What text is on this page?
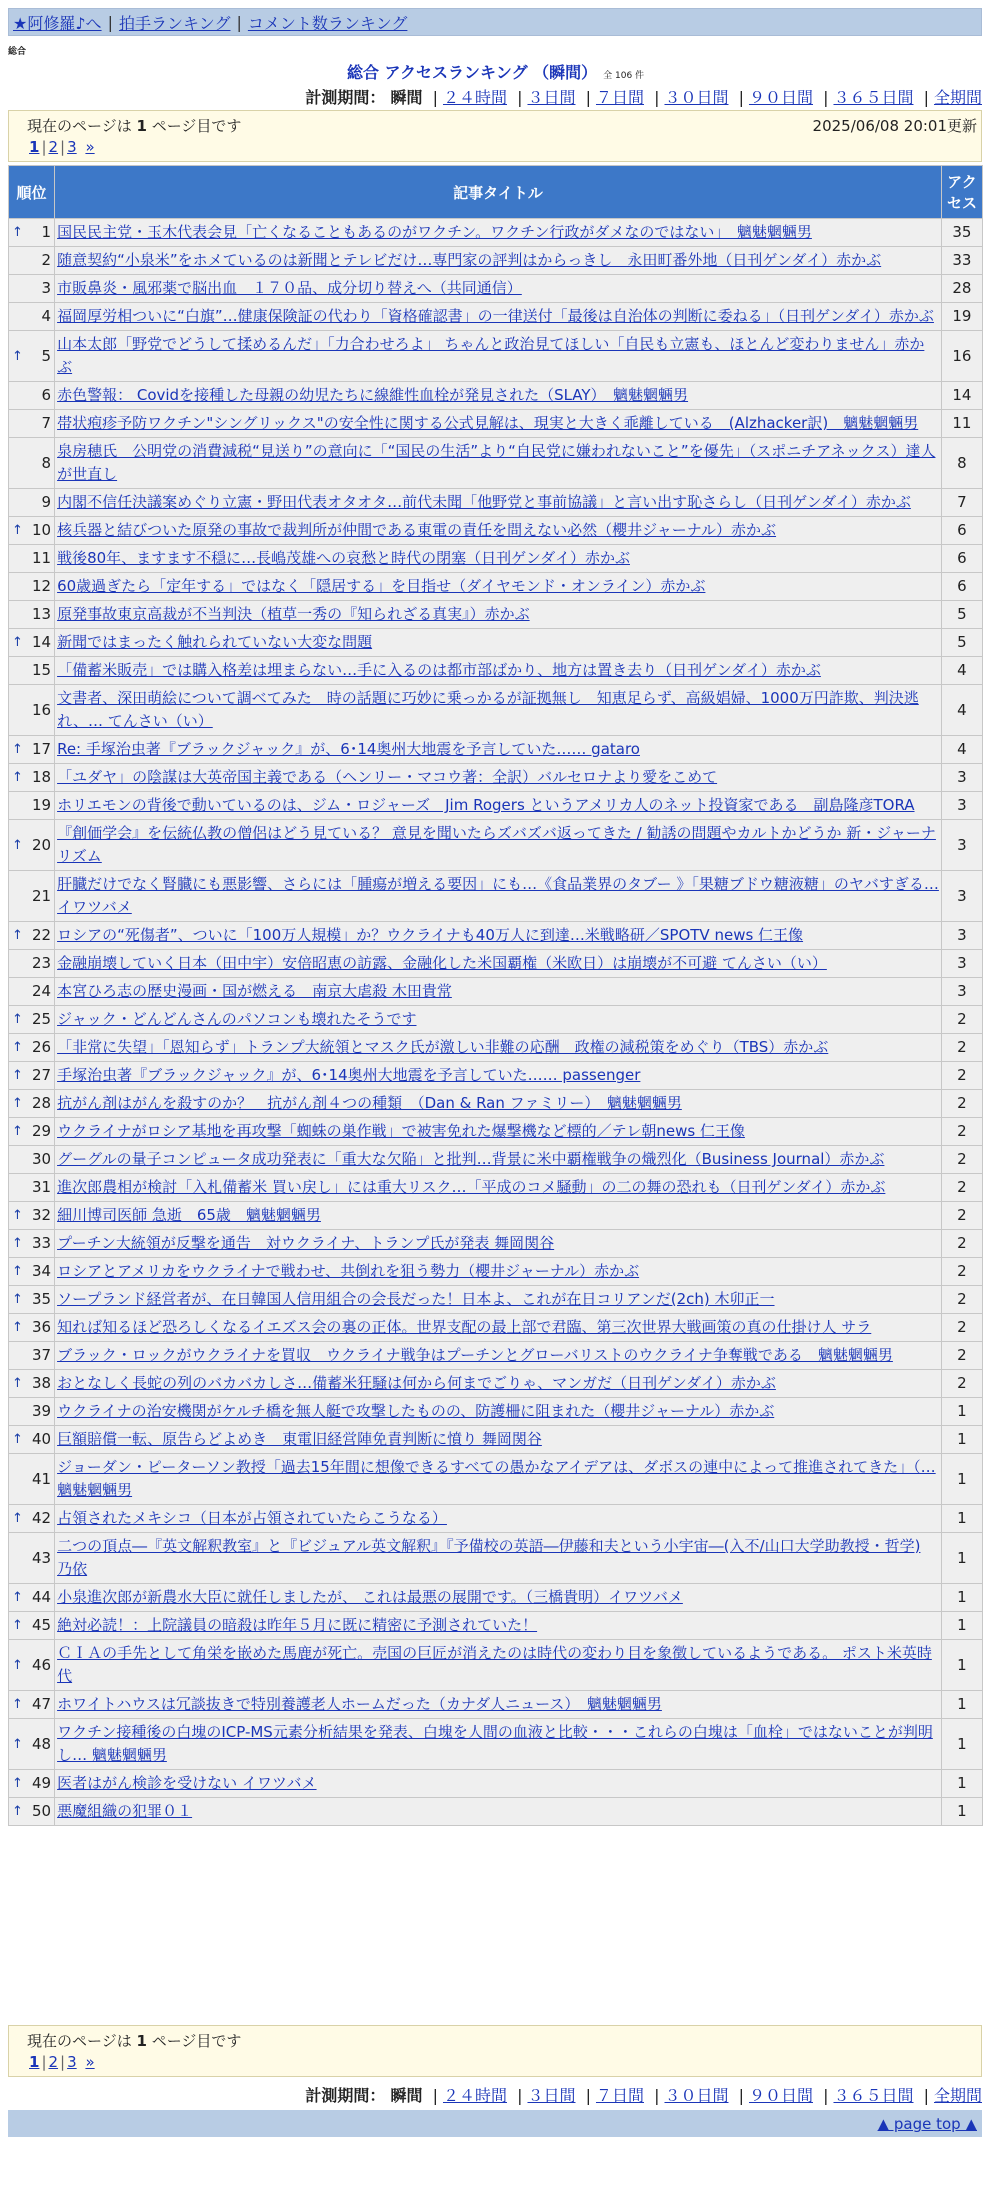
★阿修羅♪へ | 拍手ランキング | コメント数ランキング
総合
総合 アクセスランキング （瞬間） 全 106 件
計測期間： 瞬間 | ２４時間 | ３日間 | ７日間 | ３０日間 | ９０日間 | ３６５日間 | 全期間
現在のページは 1 ページ目です	2025/06/08 20:01更新
1 | 2 | 3 »
順位	記事タイトル	アクセス

↑ 1	国民民主党・玉木代表会見「亡くなることもあるのがワクチン。ワクチン行政がダメなのではない」　魑魅魍魎男	35
2	随意契約“小泉米”をホメているのは新聞とテレビだけ…専門家の評判はからっきし　永田町番外地（日刊ゲンダイ）赤かぶ	33
3	市販鼻炎・風邪薬で脳出血　１７０品、成分切り替えへ（共同通信）	28
4	福岡厚労相ついに“白旗”…健康保険証の代わり「資格確認書」の一律送付「最後は自治体の判断に委ねる」（日刊ゲンダイ）赤かぶ	19

↑ 5	山本太郎「野党でどうして揉めるんだ」「力合わせろよ」 ちゃんと政治見てほしい「自民も立憲も、ほとんど変わりません」赤かぶ	16
6	赤色警報： Covidを接種した母親の幼児たちに線維性血栓が発見された（SLAY）　魑魅魍魎男	14
7	帯状疱疹予防ワクチン"シングリックス"の安全性に関する公式見解は、現実と大きく乖離している　(Alzhacker訳)　魑魅魍魎男	11
8	泉房穂氏　公明党の消費減税“見送り”の意向に「“国民の生活”より“自民党に嫌われないこと”を優先」（スポニチアネックス）達人が世直し	8
9	内閣不信任決議案めぐり立憲・野田代表オタオタ…前代未聞「他野党と事前協議」と言い出す恥さらし（日刊ゲンダイ）赤かぶ	7

↑ 10	核兵器と結びついた原発の事故で裁判所が仲間である東電の責任を問えない必然（櫻井ジャーナル）赤かぶ	6
11	戦後80年、ますます不穏に…長嶋茂雄への哀愁と時代の閉塞（日刊ゲンダイ）赤かぶ	6
12	60歳過ぎたら「定年する」ではなく「隠居する」を目指せ（ダイヤモンド・オンライン）赤かぶ	6
13	原発事故東京高裁が不当判決（植草一秀の『知られざる真実』）赤かぶ	5

↑ 14	新聞ではまったく触れられていない大変な問題	5
15	「備蓄米販売」では購入格差は埋まらない…手に入るのは都市部ばかり、地方は置き去り（日刊ゲンダイ）赤かぶ	4
16	文書者、深田萌絵について調べてみた　時の話題に巧妙に乗っかるが証拠無し　知恵足らず、高級娼婦、1000万円詐欺、判決逃れ、… てんさい（い）	4

↑ 17	Re: 手塚治虫著『ブラックジャック』が、6･14奥州大地震を予言していた…… gataro	4

↑ 18	「ユダヤ」の陰謀は大英帝国主義である（ヘンリー・マコウ著：全訳）バルセロナより愛をこめて	3
19	ホリエモンの背後で動いているのは、ジム・ロジャーズ　Jim Rogers というアメリカ人のネット投資家である　副島隆彦TORA	3

↑ 20	『創価学会』を伝統仏教の僧侶はどう見ている？ 意見を聞いたらズバズバ返ってきた / 勧誘の問題やカルトかどうか 新・ジャーナリズム	3
21	肝臓だけでなく腎臓にも悪影響、さらには「腫瘍が増える要因」にも…《食品業界のタブー 》「果糖ブドウ糖液糖」のヤバすぎる… イワツバメ	3

↑ 22	ロシアの“死傷者”、ついに「100万人規模」か？ウクライナも40万人に到達…米戦略研／SPOTV news 仁王像	3
23	金融崩壊していく日本（田中宇）安倍昭恵の訪露、金融化した米国覇権（米欧日）は崩壊が不可避 てんさい（い）	3
24	本宮ひろ志の歴史漫画・国が燃える　南京大虐殺 木田貴常	3

↑ 25	ジャック・どんどんさんのパソコンも壊れたそうです	2

↑ 26	「非常に失望」「恩知らず」トランプ大統領とマスク氏が激しい非難の応酬　政権の減税策をめぐり（TBS）赤かぶ	2

↑ 27	手塚治虫著『ブラックジャック』が、6･14奥州大地震を予言していた…… passenger	2

↑ 28	抗がん剤はがんを殺すのか？　抗がん剤４つの種類　（Dan & Ran ファミリー）　魑魅魍魎男	2

↑ 29	ウクライナがロシア基地を再攻撃「蜘蛛の巣作戦」で被害免れた爆撃機など標的／テレ朝news 仁王像	2
30	グーグルの量子コンピュータ成功発表に「重大な欠陥」と批判…背景に米中覇権戦争の熾烈化（Business Journal）赤かぶ	2
31	進次郎農相が検討「入札備蓄米 買い戻し」には重大リスク…「平成のコメ騒動」の二の舞の恐れも（日刊ゲンダイ）赤かぶ	2

↑ 32	細川博司医師 急逝　65歳　魑魅魍魎男	2

↑ 33	プーチン大統領が反撃を通告　対ウクライナ、トランプ氏が発表 舞岡関谷	2

↑ 34	ロシアとアメリカをウクライナで戦わせ、共倒れを狙う勢力（櫻井ジャーナル）赤かぶ	2

↑ 35	ソープランド経営者が、在日韓国人信用組合の会長だった！日本よ、これが在日コリアンだ(2ch) 木卯正一	2

↑ 36	知れば知るほど恐ろしくなるイエズス会の裏の正体。世界支配の最上部で君臨、第三次世界大戦画策の真の仕掛け人 サラ	2
37	ブラック・ロックがウクライナを買収　ウクライナ戦争はプーチンとグローバリストのウクライナ争奪戦である　魑魅魍魎男	2

↑ 38	おとなしく長蛇の列のバカバカしさ…備蓄米狂騒は何から何までごりゃ、マンガだ（日刊ゲンダイ）赤かぶ	2
39	ウクライナの治安機関がケルチ橋を無人艇で攻撃したものの、防護柵に阻まれた（櫻井ジャーナル）赤かぶ	1

↑ 40	巨額賠償一転、原告らどよめき　東電旧経営陣免責判断に憤り 舞岡関谷	1
41	ジョーダン・ピーターソン教授「過去15年間に想像できるすべての愚かなアイデアは、ダボスの連中によって推進されてきた」（… 魑魅魍魎男	1

↑ 42	占領されたメキシコ（日本が占領されていたらこうなる）	1
43	二つの頂点―『英文解釈教室』と『ビジュアル英文解釈』『予備校の英語―伊藤和夫という小宇宙―(入不/山口大学助教授・哲学) 乃依	1

↑ 44	小泉進次郎が新農水大臣に就任しましたが、 これは最悪の展開です。（三橋貴明）イワツバメ	1

↑ 45	絶対必読！：上院議員の暗殺は昨年５月に既に精密に予測されていた！	1

↑ 46	ＣＩＡの手先として角栄を嵌めた馬鹿が死亡。売国の巨匠が消えたのは時代の変わり目を象徴しているようである。 ポスト米英時代	1

↑ 47	ホワイトハウスは冗談抜きで特別養護老人ホームだった（カナダ人ニュース）　魑魅魍魎男	1

↑ 48	ワクチン接種後の白塊のICP-MS元素分析結果を発表、白塊を人間の血液と比較・・・これらの白塊は「血栓」ではないことが判明し… 魑魅魍魎男	1

↑ 49	医者はがん検診を受けない イワツバメ	1

↑ 50	悪魔組織の犯罪０１	1
現在のページは 1 ページ目です
1 | 2 | 3 »
計測期間： 瞬間 | ２４時間 | ３日間 | ７日間 | ３０日間 | ９０日間 | ３６５日間 | 全期間
▲ page top ▲
